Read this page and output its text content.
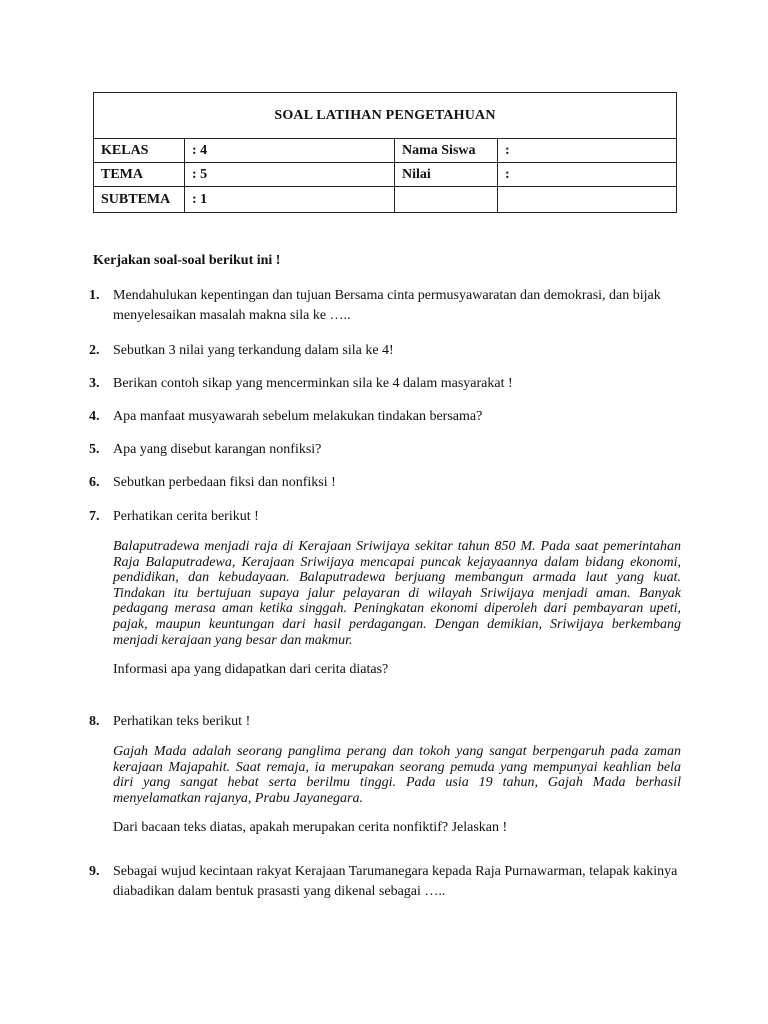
SOAL LATIHAN PENGETAHUAN			
KELAS	: 4	Nama Siswa	:
TEMA	: 5	Nilai	:
SUBTEMA	: 1		
Kerjakan soal-soal berikut ini !
1. Mendahulukan kepentingan dan tujuan Bersama cinta permusyawaratan dan demokrasi, dan bijak menyelesaikan masalah makna sila ke …..
2. Sebutkan 3 nilai yang terkandung dalam sila ke 4!
3. Berikan contoh sikap yang mencerminkan sila ke 4 dalam masyarakat !
4. Apa manfaat musyawarah sebelum melakukan tindakan bersama?
5. Apa yang disebut karangan nonfiksi?
6. Sebutkan perbedaan fiksi dan nonfiksi !
7. Perhatikan cerita berikut !
Balaputradewa menjadi raja di Kerajaan Sriwijaya sekitar tahun 850 M. Pada saat pemerintahan Raja Balaputradewa, Kerajaan Sriwijaya mencapai puncak kejayaannya dalam bidang ekonomi, pendidikan, dan kebudayaan. Balaputradewa berjuang membangun armada laut yang kuat. Tindakan itu bertujuan supaya jalur pelayaran di wilayah Sriwijaya menjadi aman. Banyak pedagang merasa aman ketika singgah. Peningkatan ekonomi diperoleh dari pembayaran upeti, pajak, maupun keuntungan dari hasil perdagangan. Dengan demikian, Sriwijaya berkembang menjadi kerajaan yang besar dan makmur.
Informasi apa yang didapatkan dari cerita diatas?
8. Perhatikan teks berikut !
Gajah Mada adalah seorang panglima perang dan tokoh yang sangat berpengaruh pada zaman kerajaan Majapahit. Saat remaja, ia merupakan seorang pemuda yang mempunyai keahlian bela diri yang sangat hebat serta berilmu tinggi. Pada usia 19 tahun, Gajah Mada berhasil menyelamatkan rajanya, Prabu Jayanegara.
Dari bacaan teks diatas, apakah merupakan cerita nonfiktif? Jelaskan !
9. Sebagai wujud kecintaan rakyat Kerajaan Tarumanegara kepada Raja Purnawarman, telapak kakinya diabadikan dalam bentuk prasasti yang dikenal sebagai …..
